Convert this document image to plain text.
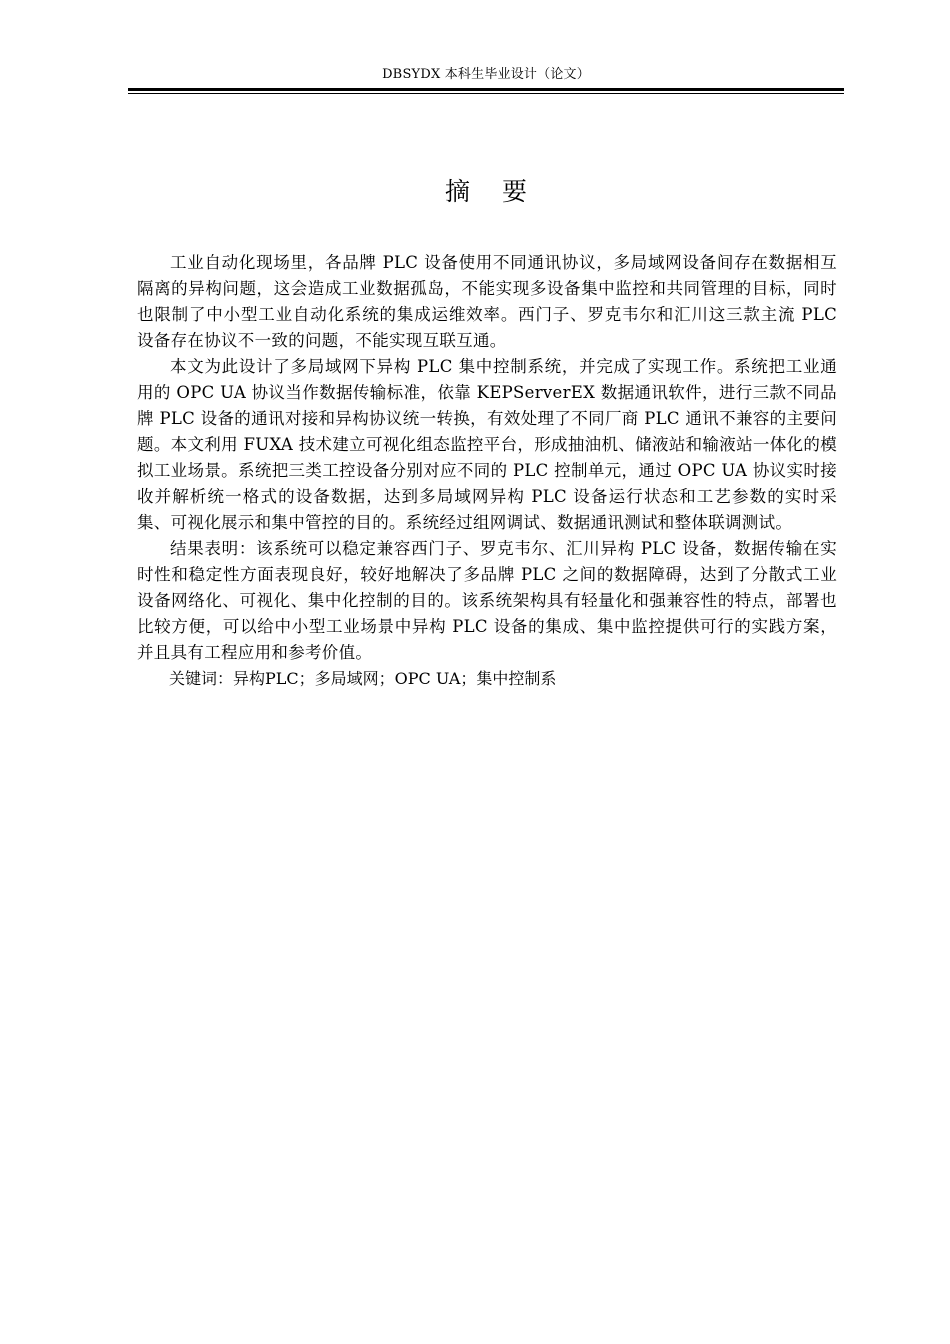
DBSYDX 本科生毕业设计（论文）
摘 要

工业自动化现场里，各品牌 PLC 设备使用不同通讯协议，多局域网设备间存在数据相互隔离的异构问题，这会造成工业数据孤岛，不能实现多设备集中监控和共同管理的目标，同时也限制了中小型工业自动化系统的集成运维效率。西门子、罗克韦尔和汇川这三款主流 PLC 设备存在协议不一致的问题，不能实现互联互通。

本文为此设计了多局域网下异构 PLC 集中控制系统，并完成了实现工作。系统把工业通用的 OPC UA 协议当作数据传输标准，依靠 KEPServerEX 数据通讯软件，进行三款不同品牌 PLC 设备的通讯对接和异构协议统一转换，有效处理了不同厂商 PLC 通讯不兼容的主要问题。本文利用 FUXA 技术建立可视化组态监控平台，形成抽油机、储液站和输液站一体化的模拟工业场景。系统把三类工控设备分别对应不同的 PLC 控制单元，通过 OPC UA 协议实时接收并解析统一格式的设备数据，达到多局域网异构 PLC 设备运行状态和工艺参数的实时采集、可视化展示和集中管控的目的。系统经过组网调试、数据通讯测试和整体联调测试。

结果表明：该系统可以稳定兼容西门子、罗克韦尔、汇川异构 PLC 设备，数据传输在实时性和稳定性方面表现良好，较好地解决了多品牌 PLC 之间的数据障碍，达到了分散式工业设备网络化、可视化、集中化控制的目的。该系统架构具有轻量化和强兼容性的特点，部署也比较方便，可以给中小型工业场景中异构 PLC 设备的集成、集中监控提供可行的实践方案，并且具有工程应用和参考价值。

关键词：异构PLC；多局域网；OPC UA；集中控制系
